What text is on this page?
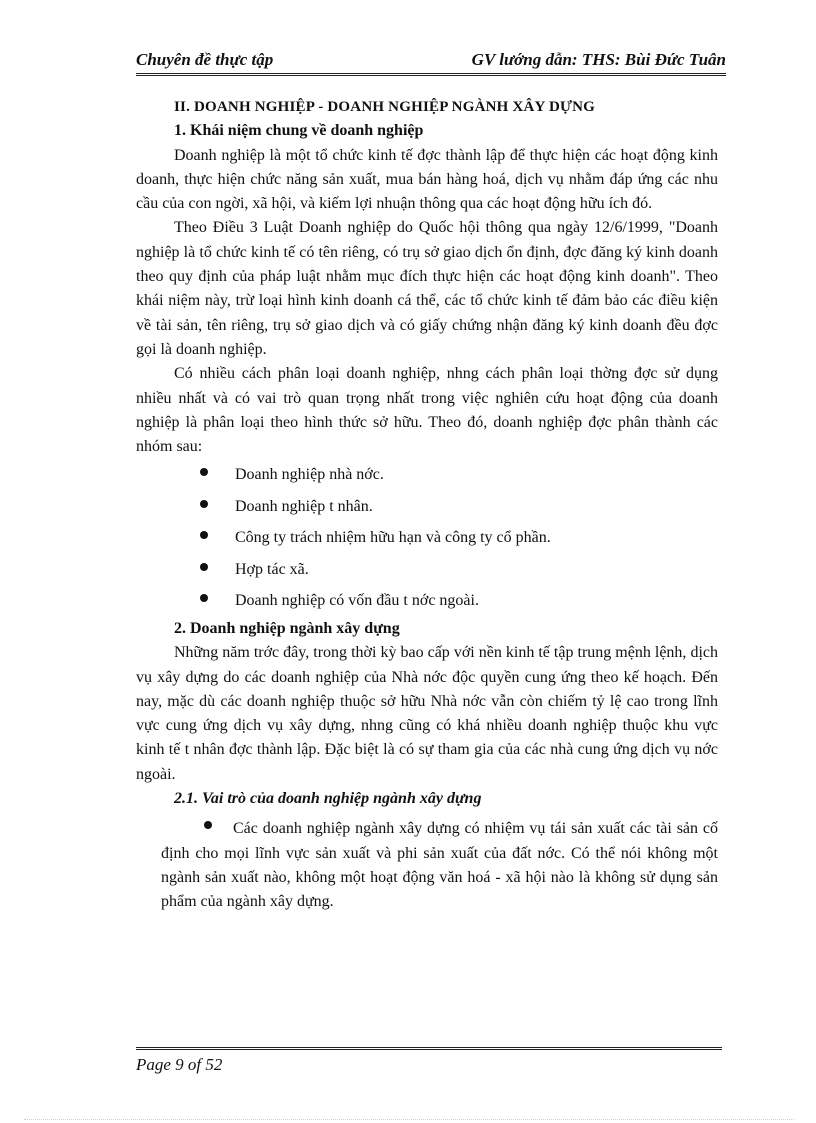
Chuyên đề thực tập	GV lướng dẫn: THS: Bùi Đức Tuân

II. DOANH NGHIỆP - DOANH NGHIỆP NGÀNH XÂY DỰNG

1. Khái niệm chung về doanh nghiệp

Doanh nghiệp là một tổ chức kinh tế đợc thành lập để thực hiện các hoạt động kinh doanh, thực hiện chức năng sản xuất, mua bán hàng hoá, dịch vụ nhằm đáp ứng các nhu cầu của con ngời, xã hội, và kiếm lợi nhuận thông qua các hoạt động hữu ích đó.

Theo Điều 3 Luật Doanh nghiệp do Quốc hội thông qua ngày 12/6/1999, "Doanh nghiệp là tổ chức kinh tế có tên riêng, có trụ sở giao dịch ổn định, đợc đăng ký kinh doanh theo quy định của pháp luật nhằm mục đích thực hiện các hoạt động kinh doanh". Theo khái niệm này, trừ loại hình kinh doanh cá thể, các tổ chức kinh tế đảm bảo các điều kiện về tài sản, tên riêng, trụ sở giao dịch và có giấy chứng nhận đăng ký kinh doanh đều đợc gọi là doanh nghiệp.

Có nhiều cách phân loại doanh nghiệp, nhng cách phân loại thờng đợc sử dụng nhiều nhất và có vai trò quan trọng nhất trong việc nghiên cứu hoạt động của doanh nghiệp là phân loại theo hình thức sở hữu. Theo đó, doanh nghiệp đợc phân thành các nhóm sau:

Doanh nghiệp nhà nớc.
Doanh nghiệp t nhân.
Công ty trách nhiệm hữu hạn và công ty cổ phần.
Hợp tác xã.
Doanh nghiệp có vốn đầu t nớc ngoài.

2. Doanh nghiệp ngành xây dựng

Những năm trớc đây, trong thời kỳ bao cấp với nền kinh tế tập trung mệnh lệnh, dịch vụ xây dựng do các doanh nghiệp của Nhà nớc độc quyền cung ứng theo kế hoạch. Đến nay, mặc dù các doanh nghiệp thuộc sở hữu Nhà nớc vẫn còn chiếm tỷ lệ cao trong lĩnh vực cung ứng dịch vụ xây dựng, nhng cũng có khá nhiều doanh nghiệp thuộc khu vực kinh tế t nhân đợc thành lập. Đặc biệt là có sự tham gia của các nhà cung ứng dịch vụ nớc ngoài.

2.1. Vai trò của doanh nghiệp ngành xây dựng

Các doanh nghiệp ngành xây dựng có nhiệm vụ tái sản xuất các tài sản cố định cho mọi lĩnh vực sản xuất và phi sản xuất của đất nớc. Có thể nói không một ngành sản xuất nào, không một hoạt động văn hoá - xã hội nào là không sử dụng sản phẩm của ngành xây dựng.

Page 9 of 52
